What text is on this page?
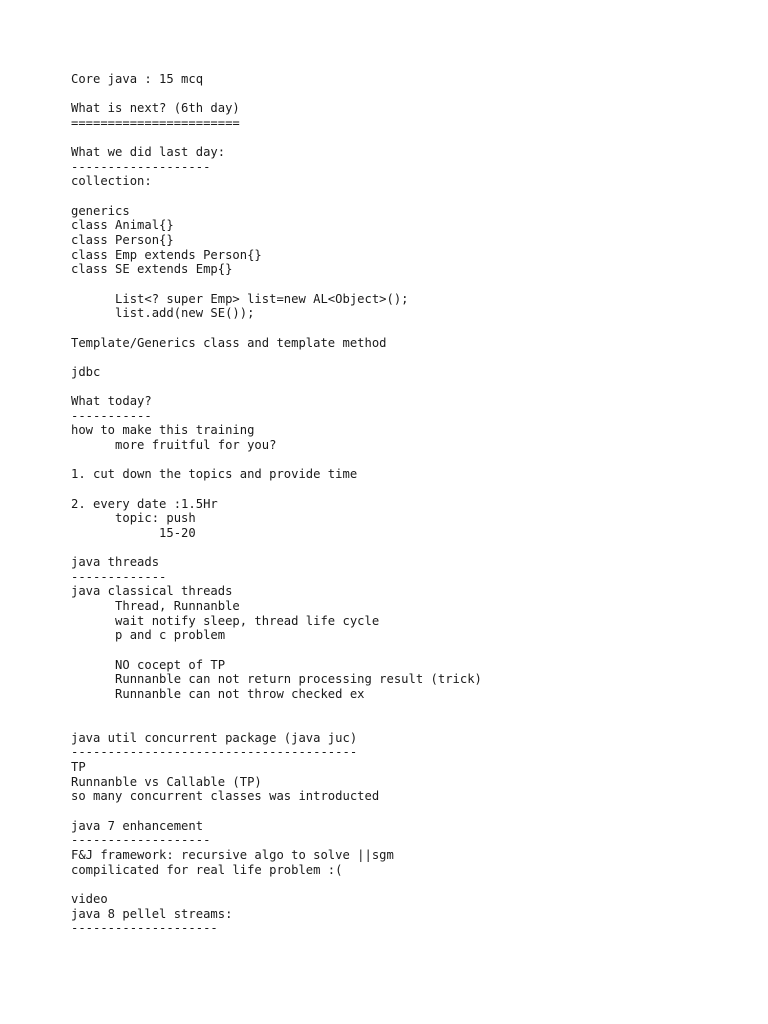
Core java : 15 mcq
What is next? (6th day)
=======================
What we did last day:
-------------------
collection:
generics
class Animal{}
class Person{}
class Emp extends Person{}
class SE extends Emp{}
List<? super Emp> list=new AL<Object>();
list.add(new SE());
Template/Generics class and template method
jdbc
What today?
-----------
how to make this training
more fruitful for you?
1. cut down the topics and provide time
2. every date :1.5Hr
topic: push
15-20
java threads
-------------
java classical threads
Thread, Runnanble
wait notify sleep, thread life cycle
p and c problem
NO cocept of TP
Runnanble can not return processing result (trick)
Runnanble can not throw checked ex
java util concurrent package (java juc)
---------------------------------------
TP
Runnanble vs Callable (TP)
so many concurrent classes was introducted
java 7 enhancement
-------------------
F&J framework: recursive algo to solve ||sgm
compilicated for real life problem :(
video
java 8 pellel streams:
--------------------
